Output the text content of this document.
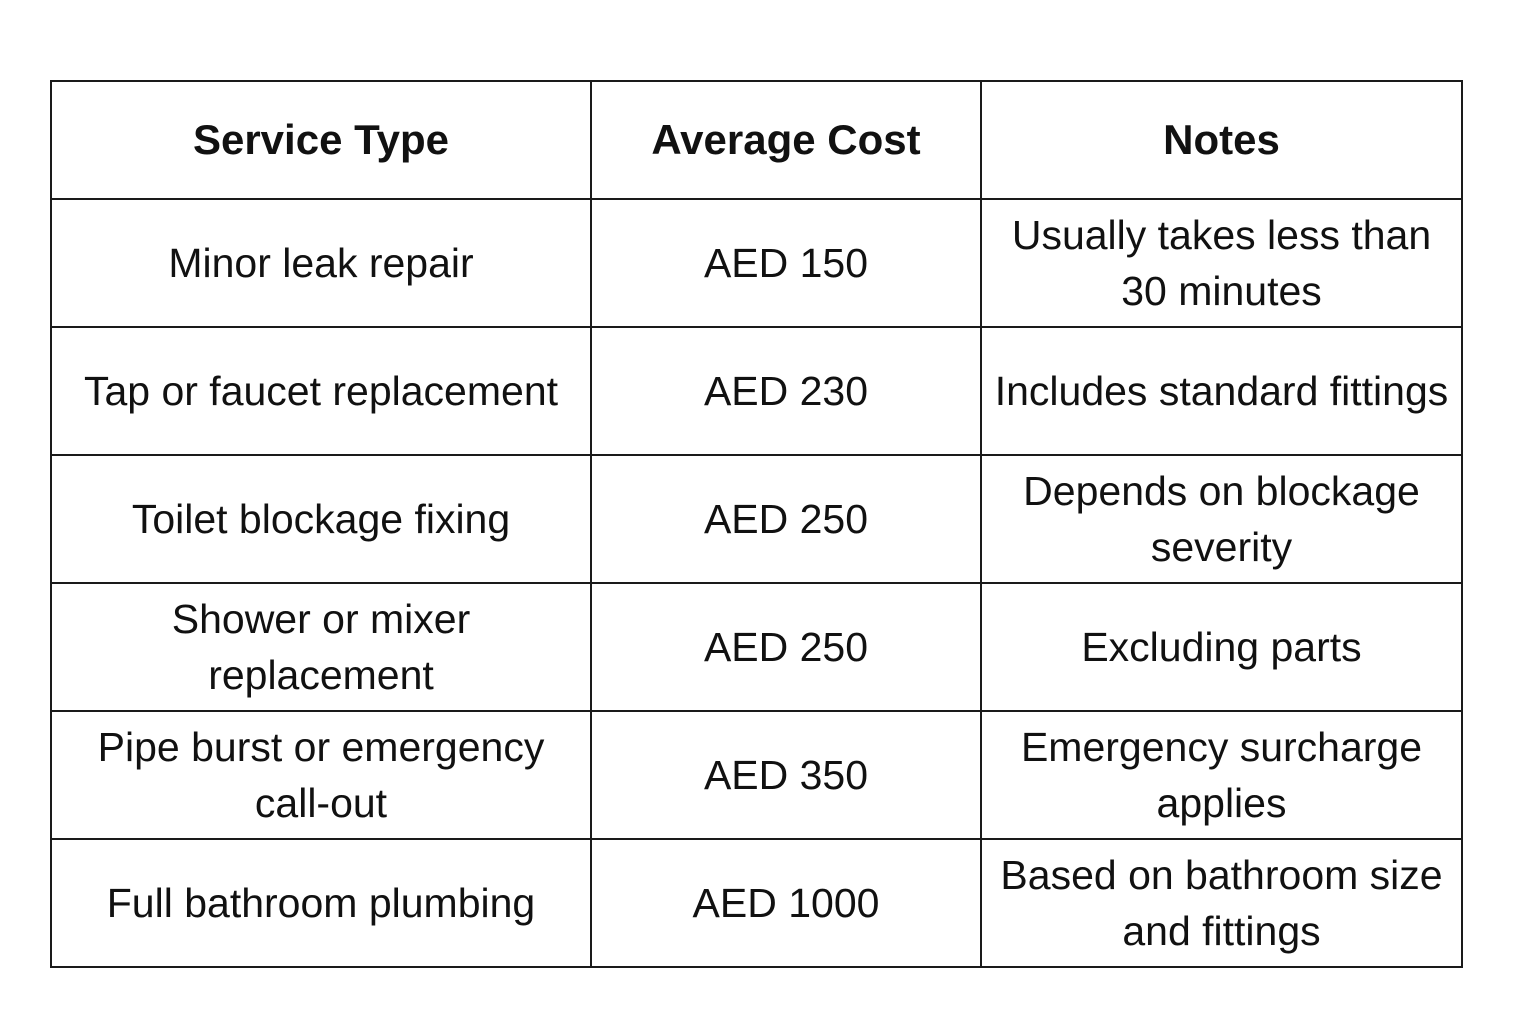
Service Type	Average Cost	Notes
Minor leak repair	AED 150	Usually takes less than 30 minutes
Tap or faucet replacement	AED 230	Includes standard fittings
Toilet blockage fixing	AED 250	Depends on blockage severity
Shower or mixer replacement	AED 250	Excluding parts
Pipe burst or emergency call-out	AED 350	Emergency surcharge applies
Full bathroom plumbing	AED 1000	Based on bathroom size and fittings
